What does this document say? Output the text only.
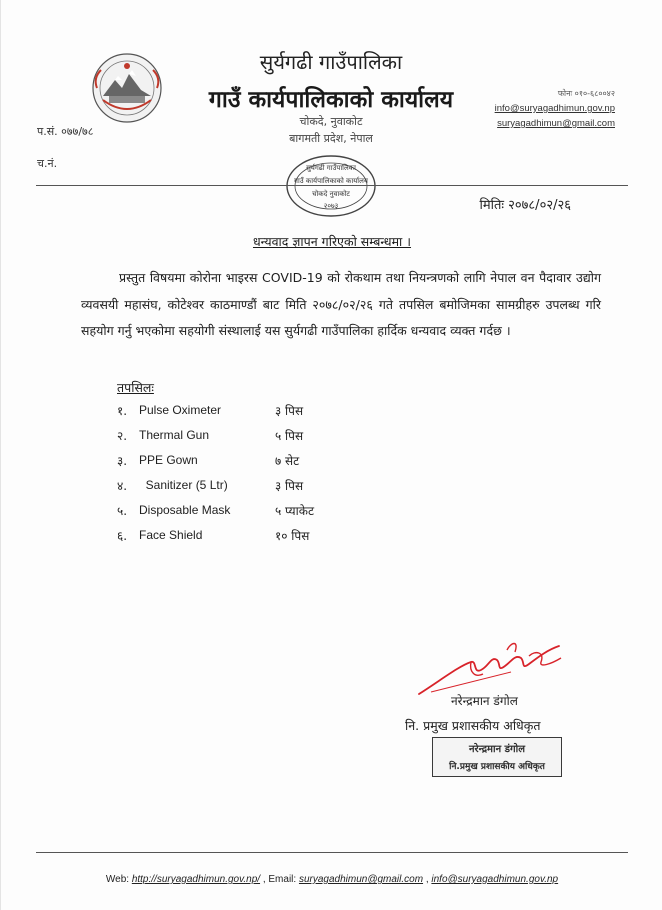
सुर्यगढी गाउँपालिका
गाउँ कार्यपालिकाको कार्यालय
चोकदे, नुवाकोट
बागमती प्रदेश, नेपाल
फोनः ०१०-६८००४२
info@suryagadhimun.gov.np
suryagadhimun@gmail.com
प.सं. ०७७/७८
च.नं.	सुर्यगढी गाउँपालिका
गाउँ कार्यपालिकाको कार्यालय
चोकदे नुवाकोट
२०७३	मितिः २०७८/०२/२६
धन्यवाद ज्ञापन गरिएको सम्बन्धमा ।
प्रस्तुत विषयमा कोरोना भाइरस COVID-19 को रोकथाम तथा नियन्त्रणको लागि नेपाल वन पैदावार उद्योग व्यवसयी महासंघ, कोटेश्वर काठमाण्डौं बाट मिति २०७८/०२/२६ गते तपसिल बमोजिमका सामग्रीहरु उपलब्ध गरि सहयोग गर्नु भएकोमा सहयोगी संस्थालाई यस सुर्यगढी गाउँपालिका हार्दिक धन्यवाद व्यक्त गर्दछ ।
तपसिलः
१. Pulse Oximeter	३ पिस
२. Thermal Gun	५ पिस
३. PPE Gown	७ सेट
४. Sanitizer (5 Ltr)	३ पिस
५. Disposable Mask	५ प्याकेट
६. Face Shield	१० पिस
नरेन्द्रमान डंगोल
नि. प्रमुख प्रशासकीय अधिकृत
नरेन्द्रमान डंगोल
नि.प्रमुख प्रशासकीय अधिकृत
Web: http://suryagadhimun.gov.np/ , Email: suryagadhimun@gmail.com , info@suryagadhimun.gov.np
